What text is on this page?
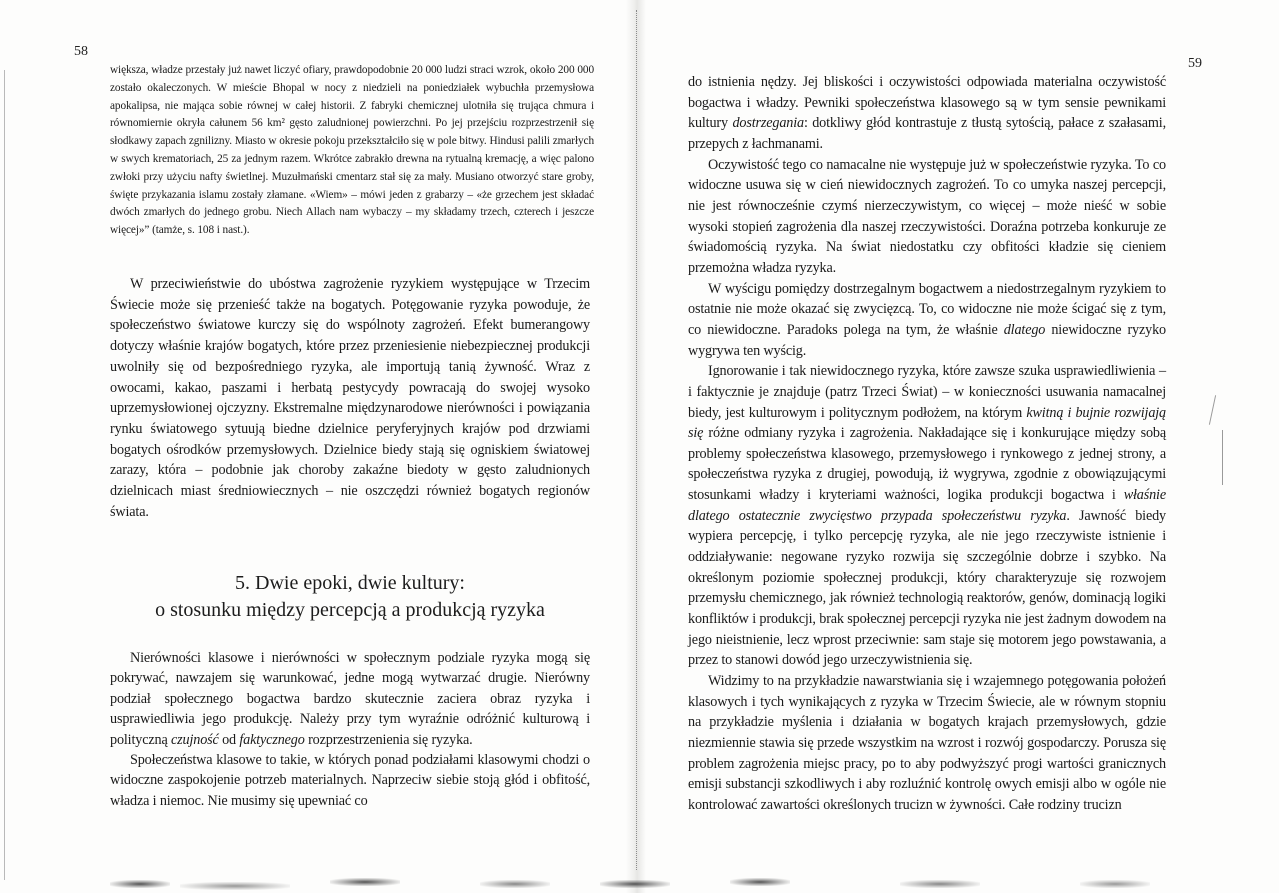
58

większa, władze przestały już nawet liczyć ofiary, prawdopodobnie 20 000 ludzi straci wzrok, około 200 000 zostało okaleczonych. W mieście Bhopal w nocy z niedzieli na poniedziałek wybuchła przemysłowa apokalipsa, nie mająca sobie równej w całej historii. Z fabryki chemicznej ulotniła się trująca chmura i równomiernie okryła całunem 56 km² gęsto zaludnionej powierzchni. Po jej przejściu rozprzestrzenił się słodkawy zapach zgnilizny. Miasto w okresie pokoju przekształciło się w pole bitwy. Hindusi palili zmarłych w swych krematoriach, 25 za jednym razem. Wkrótce zabrakło drewna na rytualną kremację, a więc palono zwłoki przy użyciu nafty świetlnej. Muzułmański cmentarz stał się za mały. Musiano otworzyć stare groby, święte przykazania islamu zostały złamane. «Wiem» – mówi jeden z grabarzy – «że grzechem jest składać dwóch zmarłych do jednego grobu. Niech Allach nam wybaczy – my składamy trzech, czterech i jeszcze więcej»” (tamże, s. 108 i nast.).

W przeciwieństwie do ubóstwa zagrożenie ryzykiem występujące w Trzecim Świecie może się przenieść także na bogatych. Potęgowanie ryzyka powoduje, że społeczeństwo światowe kurczy się do wspólnoty zagrożeń. Efekt bumerangowy dotyczy właśnie krajów bogatych, które przez przeniesienie niebezpiecznej produkcji uwolniły się od bezpośredniego ryzyka, ale importują tanią żywność. Wraz z owocami, kakao, paszami i herbatą pestycydy powracają do swojej wysoko uprzemysłowionej ojczyzny. Ekstremalne międzynarodowe nierówności i powiązania rynku światowego sytuują biedne dzielnice peryferyjnych krajów pod drzwiami bogatych ośrodków przemysłowych. Dzielnice biedy stają się ogniskiem światowej zarazy, która – podobnie jak choroby zakaźne biedoty w gęsto zaludnionych dzielnicach miast średniowiecznych – nie oszczędzi również bogatych regionów świata.

5. Dwie epoki, dwie kultury:
o stosunku między percepcją a produkcją ryzyka

Nierówności klasowe i nierówności w społecznym podziale ryzyka mogą się pokrywać, nawzajem się warunkować, jedne mogą wytwarzać drugie. Nierówny podział społecznego bogactwa bardzo skutecznie zaciera obraz ryzyka i usprawiedliwia jego produkcję. Należy przy tym wyraźnie odróżnić kulturową i polityczną czujność od faktycznego rozprzestrzenienia się ryzyka.

Społeczeństwa klasowe to takie, w których ponad podziałami klasowymi chodzi o widoczne zaspokojenie potrzeb materialnych. Naprzeciw siebie stoją głód i obfitość, władza i niemoc. Nie musimy się upewniać co

59

do istnienia nędzy. Jej bliskości i oczywistości odpowiada materialna oczywistość bogactwa i władzy. Pewniki społeczeństwa klasowego są w tym sensie pewnikami kultury dostrzegania: dotkliwy głód kontrastuje z tłustą sytością, pałace z szałasami, przepych z łachmanami.

Oczywistość tego co namacalne nie występuje już w społeczeństwie ryzyka. To co widoczne usuwa się w cień niewidocznych zagrożeń. To co umyka naszej percepcji, nie jest równocześnie czymś nierzeczywistym, co więcej – może nieść w sobie wysoki stopień zagrożenia dla naszej rzeczywistości. Doraźna potrzeba konkuruje ze świadomością ryzyka. Na świat niedostatku czy obfitości kładzie się cieniem przemożna władza ryzyka.

W wyścigu pomiędzy dostrzegalnym bogactwem a niedostrzegalnym ryzykiem to ostatnie nie może okazać się zwycięzcą. To, co widoczne nie może ścigać się z tym, co niewidoczne. Paradoks polega na tym, że właśnie dlatego niewidoczne ryzyko wygrywa ten wyścig.

Ignorowanie i tak niewidocznego ryzyka, które zawsze szuka usprawiedliwienia – i faktycznie je znajduje (patrz Trzeci Świat) – w konieczności usuwania namacalnej biedy, jest kulturowym i politycznym podłożem, na którym kwitną i bujnie rozwijają się różne odmiany ryzyka i zagrożenia. Nakładające się i konkurujące między sobą problemy społeczeństwa klasowego, przemysłowego i rynkowego z jednej strony, a społeczeństwa ryzyka z drugiej, powodują, iż wygrywa, zgodnie z obowiązującymi stosunkami władzy i kryteriami ważności, logika produkcji bogactwa i właśnie dlatego ostatecznie zwycięstwo przypada społeczeństwu ryzyka. Jawność biedy wypiera percepcję, i tylko percepcję ryzyka, ale nie jego rzeczywiste istnienie i oddziaływanie: negowane ryzyko rozwija się szczególnie dobrze i szybko. Na określonym poziomie społecznej produkcji, który charakteryzuje się rozwojem przemysłu chemicznego, jak również technologią reaktorów, genów, dominacją logiki konfliktów i produkcji, brak społecznej percepcji ryzyka nie jest żadnym dowodem na jego nieistnienie, lecz wprost przeciwnie: sam staje się motorem jego powstawania, a przez to stanowi dowód jego urzeczywistnienia się.

Widzimy to na przykładzie nawarstwiania się i wzajemnego potęgowania położeń klasowych i tych wynikających z ryzyka w Trzecim Świecie, ale w równym stopniu na przykładzie myślenia i działania w bogatych krajach przemysłowych, gdzie niezmiennie stawia się przede wszystkim na wzrost i rozwój gospodarczy. Porusza się problem zagrożenia miejsc pracy, po to aby podwyższyć progi wartości granicznych emisji substancji szkodliwych i aby rozluźnić kontrolę owych emisji albo w ogóle nie kontrolować zawartości określonych trucizn w żywności. Całe rodziny trucizn
